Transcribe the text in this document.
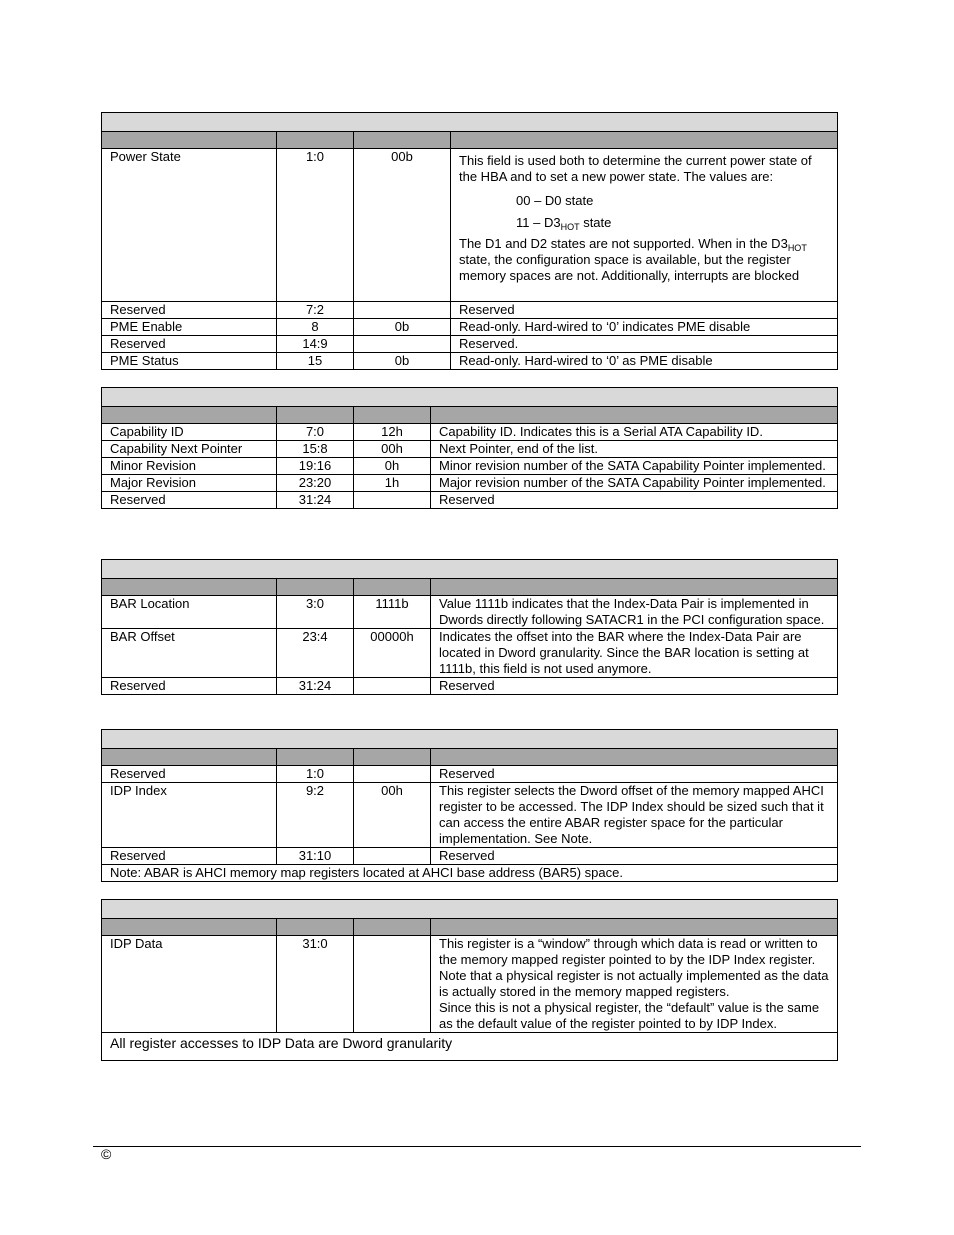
Power State	1:0	00b	This field is used both to determine the current power state of the HBA and to set a new power state. The values are:
00 – D0 state
$11 - D3_{HOT}$ state
The D1 and D2 states are not supported. When in the $D3_{HOT}$ state, the configuration space is available, but the register memory spaces are not. Additionally, interrupts are blocked

Reserved	7:2		Reserved
PME Enable	8	0b	Read-only. Hard-wired to ‘0’ indicates PME disable
Reserved	14:9		Reserved.
PME Status	15	0b	Read-only. Hard-wired to ‘0’ as PME disable

Capability ID	7:0	12h	Capability ID. Indicates this is a Serial ATA Capability ID.
Capability Next Pointer	15:8	00h	Next Pointer, end of the list.
Minor Revision	19:16	0h	Minor revision number of the SATA Capability Pointer implemented.
Major Revision	23:20	1h	Major revision number of the SATA Capability Pointer implemented.
Reserved	31:24		Reserved

BAR Location	3:0	1111b	Value 1111b indicates that the Index-Data Pair is implemented in Dwords directly following SATACR1 in the PCI configuration space.
BAR Offset	23:4	00000h	Indicates the offset into the BAR where the Index-Data Pair are located in Dword granularity. Since the BAR location is setting at 1111b, this field is not used anymore.
Reserved	31:24		Reserved

Reserved	1:0		Reserved
IDP Index	9:2	00h	This register selects the Dword offset of the memory mapped AHCI register to be accessed. The IDP Index should be sized such that it can access the entire ABAR register space for the particular implementation. See Note.
Reserved	31:10		Reserved
Note: ABAR is AHCI memory map registers located at AHCI base address (BAR5) space.			

IDP Data	31:0		This register is a “window” through which data is read or written to the memory mapped register pointed to by the IDP Index register. Note that a physical register is not actually implemented as the data is actually stored in the memory mapped registers.
Since this is not a physical register, the “default” value is the same as the default value of the register pointed to by IDP Index.

All register accesses to IDP Data are Dword granularity			
©
